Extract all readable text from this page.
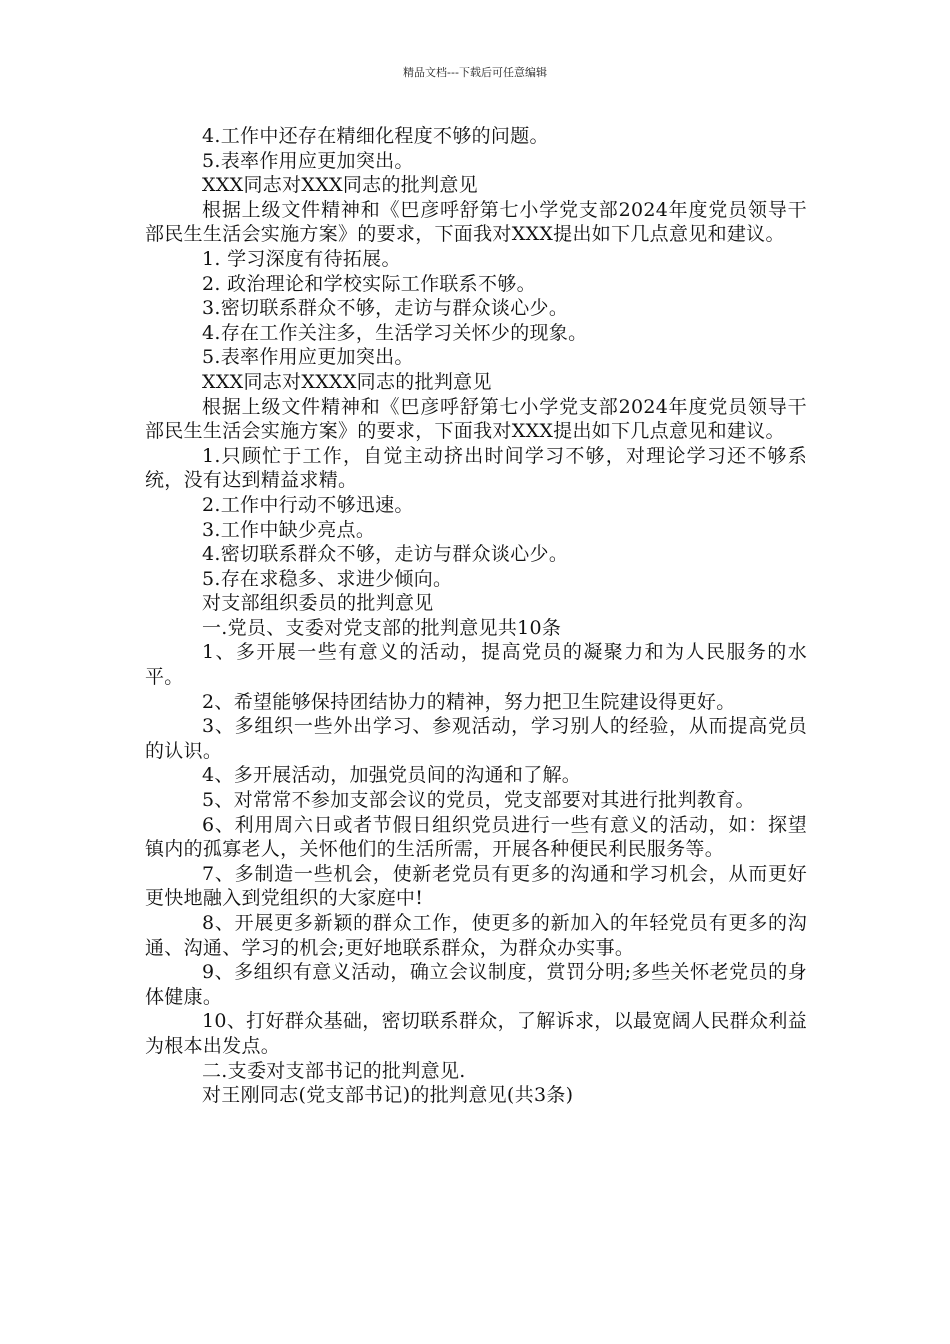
精品文档---下载后可任意编辑

4.工作中还存在精细化程度不够的问题。

5.表率作用应更加突出。

XXX同志对XXX同志的批判意见

根据上级文件精神和《巴彦呼舒第七小学党支部2024年度党员领导干部民生生活会实施方案》的要求，下面我对XXX提出如下几点意见和建议。

1. 学习深度有待拓展。

2. 政治理论和学校实际工作联系不够。

3.密切联系群众不够，走访与群众谈心少。

4.存在工作关注多，生活学习关怀少的现象。

5.表率作用应更加突出。

XXX同志对XXXX同志的批判意见

根据上级文件精神和《巴彦呼舒第七小学党支部2024年度党员领导干部民生生活会实施方案》的要求，下面我对XXX提出如下几点意见和建议。

1.只顾忙于工作，自觉主动挤出时间学习不够，对理论学习还不够系统，没有达到精益求精。

2.工作中行动不够迅速。

3.工作中缺少亮点。

4.密切联系群众不够，走访与群众谈心少。

5.存在求稳多、求进少倾向。

对支部组织委员的批判意见

一.党员、支委对党支部的批判意见共10条

1、多开展一些有意义的活动，提高党员的凝聚力和为人民服务的水平。

2、希望能够保持团结协力的精神，努力把卫生院建设得更好。

3、多组织一些外出学习、参观活动，学习别人的经验，从而提高党员的认识。

4、多开展活动，加强党员间的沟通和了解。

5、对常常不参加支部会议的党员，党支部要对其进行批判教育。

6、利用周六日或者节假日组织党员进行一些有意义的活动，如：探望镇内的孤寡老人，关怀他们的生活所需，开展各种便民利民服务等。

7、多制造一些机会，使新老党员有更多的沟通和学习机会，从而更好更快地融入到党组织的大家庭中!

8、开展更多新颖的群众工作，使更多的新加入的年轻党员有更多的沟通、沟通、学习的机会;更好地联系群众，为群众办实事。

9、多组织有意义活动，确立会议制度，赏罚分明;多些关怀老党员的身体健康。

10、打好群众基础，密切联系群众，了解诉求，以最宽阔人民群众利益为根本出发点。

二.支委对支部书记的批判意见.

对王刚同志(党支部书记)的批判意见(共3条)
